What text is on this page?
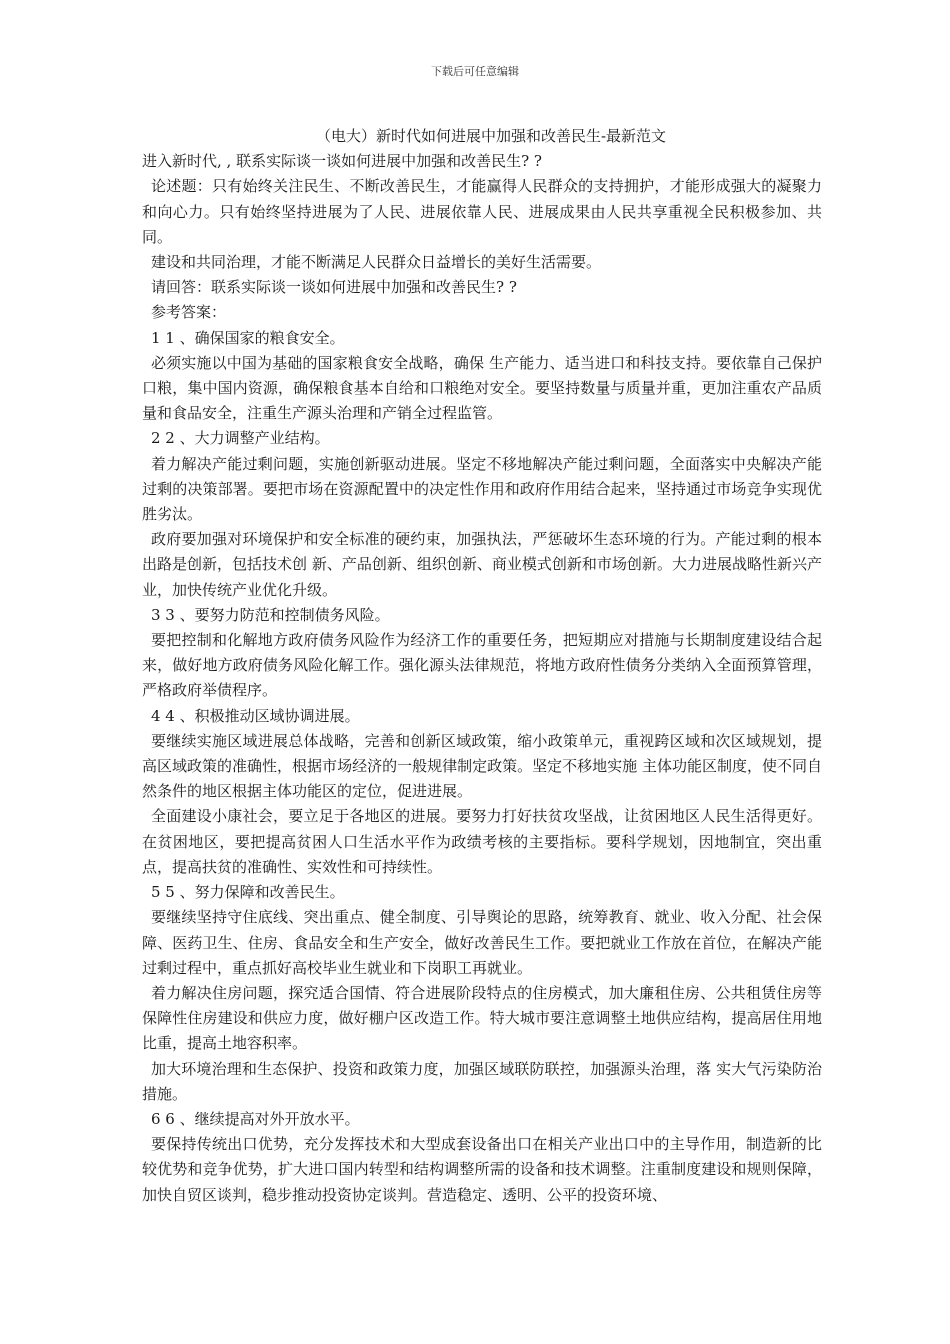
下载后可任意编辑

（电大）新时代如何进展中加强和改善民生-最新范文

进入新时代, , 联系实际谈一谈如何进展中加强和改善民生? ?

论述题：只有始终关注民生、不断改善民生，才能赢得人民群众的支持拥护，才能形成强大的凝聚力和向心力。只有始终坚持进展为了人民、进展依靠人民、进展成果由人民共享重视全民积极参加、共同。

建设和共同治理，才能不断满足人民群众日益增长的美好生活需要。

请回答：联系实际谈一谈如何进展中加强和改善民生? ?

参考答案：

1 1 、确保国家的粮食安全。

必须实施以中国为基础的国家粮食安全战略，确保 生产能力、适当进口和科技支持。要依靠自己保护口粮，集中国内资源，确保粮食基本自给和口粮绝对安全。要坚持数量与质量并重，更加注重农产品质量和食品安全，注重生产源头治理和产销全过程监管。

2 2 、大力调整产业结构。

着力解决产能过剩问题，实施创新驱动进展。坚定不移地解决产能过剩问题，全面落实中央解决产能过剩的决策部署。要把市场在资源配置中的决定性作用和政府作用结合起来，坚持通过市场竞争实现优胜劣汰。

政府要加强对环境保护和安全标准的硬约束，加强执法，严惩破坏生态环境的行为。产能过剩的根本出路是创新，包括技术创 新、产品创新、组织创新、商业模式创新和市场创新。大力进展战略性新兴产业，加快传统产业优化升级。

3 3 、要努力防范和控制债务风险。

要把控制和化解地方政府债务风险作为经济工作的重要任务，把短期应对措施与长期制度建设结合起来，做好地方政府债务风险化解工作。强化源头法律规范，将地方政府性债务分类纳入全面预算管理，严格政府举债程序。

4 4 、积极推动区域协调进展。

要继续实施区域进展总体战略，完善和创新区域政策，缩小政策单元，重视跨区域和次区域规划，提高区域政策的准确性，根据市场经济的一般规律制定政策。坚定不移地实施 主体功能区制度，使不同自然条件的地区根据主体功能区的定位，促进进展。

全面建设小康社会，要立足于各地区的进展。要努力打好扶贫攻坚战，让贫困地区人民生活得更好。在贫困地区，要把提高贫困人口生活水平作为政绩考核的主要指标。要科学规划，因地制宜，突出重点，提高扶贫的准确性、实效性和可持续性。

5 5 、努力保障和改善民生。

要继续坚持守住底线、突出重点、健全制度、引导舆论的思路，统筹教育、就业、收入分配、社会保障、医药卫生、住房、食品安全和生产安全，做好改善民生工作。要把就业工作放在首位，在解决产能过剩过程中，重点抓好高校毕业生就业和下岗职工再就业。

着力解决住房问题，探究适合国情、符合进展阶段特点的住房模式，加大廉租住房、公共租赁住房等保障性住房建设和供应力度，做好棚户区改造工作。特大城市要注意调整土地供应结构，提高居住用地比重，提高土地容积率。

加大环境治理和生态保护、投资和政策力度，加强区域联防联控，加强源头治理，落 实大气污染防治措施。

6 6 、继续提高对外开放水平。

要保持传统出口优势，充分发挥技术和大型成套设备出口在相关产业出口中的主导作用，制造新的比较优势和竞争优势，扩大进口国内转型和结构调整所需的设备和技术调整。注重制度建设和规则保障，加快自贸区谈判，稳步推动投资协定谈判。营造稳定、透明、公平的投资环境、
